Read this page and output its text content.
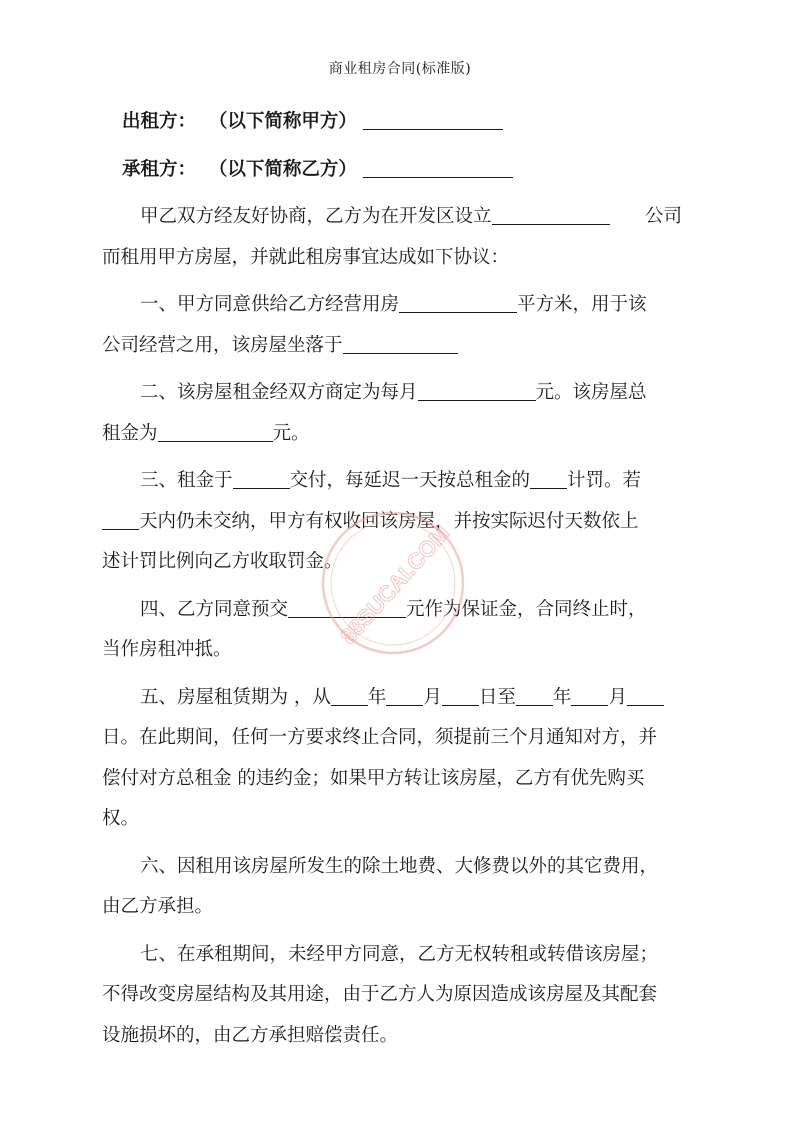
商业租房合同(标准版)
出租方： （以下简称甲方）
承租方： （以下简称乙方）
甲乙双方经友好协商，乙方为在开发区设立	公司
而租用甲方房屋，并就此租房事宜达成如下协议：
一、甲方同意供给乙方经营用房	平方米，用于该
公司经营之用，该房屋坐落于
二、该房屋租金经双方商定为每月	元。该房屋总
租金为	元。
三、租金于	交付，每延迟一天按总租金的 计罚。若
天内仍未交纳，甲方有权收回该房屋，并按实际迟付天数依上
述计罚比例向乙方收取罚金。
四、乙方同意预交	元作为保证金，合同终止时，
当作房租冲抵。
五、房屋租赁期为 ，从 年 月 日至 年 月
日。在此期间，任何一方要求终止合同，须提前三个月通知对方，并
偿付对方总租金 的违约金；如果甲方转让该房屋，乙方有优先购买
权。
六、因租用该房屋所发生的除土地费、大修费以外的其它费用，
由乙方承担。
七、在承租期间，未经甲方同意，乙方无权转租或转借该房屋；
不得改变房屋结构及其用途，由于乙方人为原因造成该房屋及其配套
设施损坏的，由乙方承担赔偿责任。
88SUCAI.COM
